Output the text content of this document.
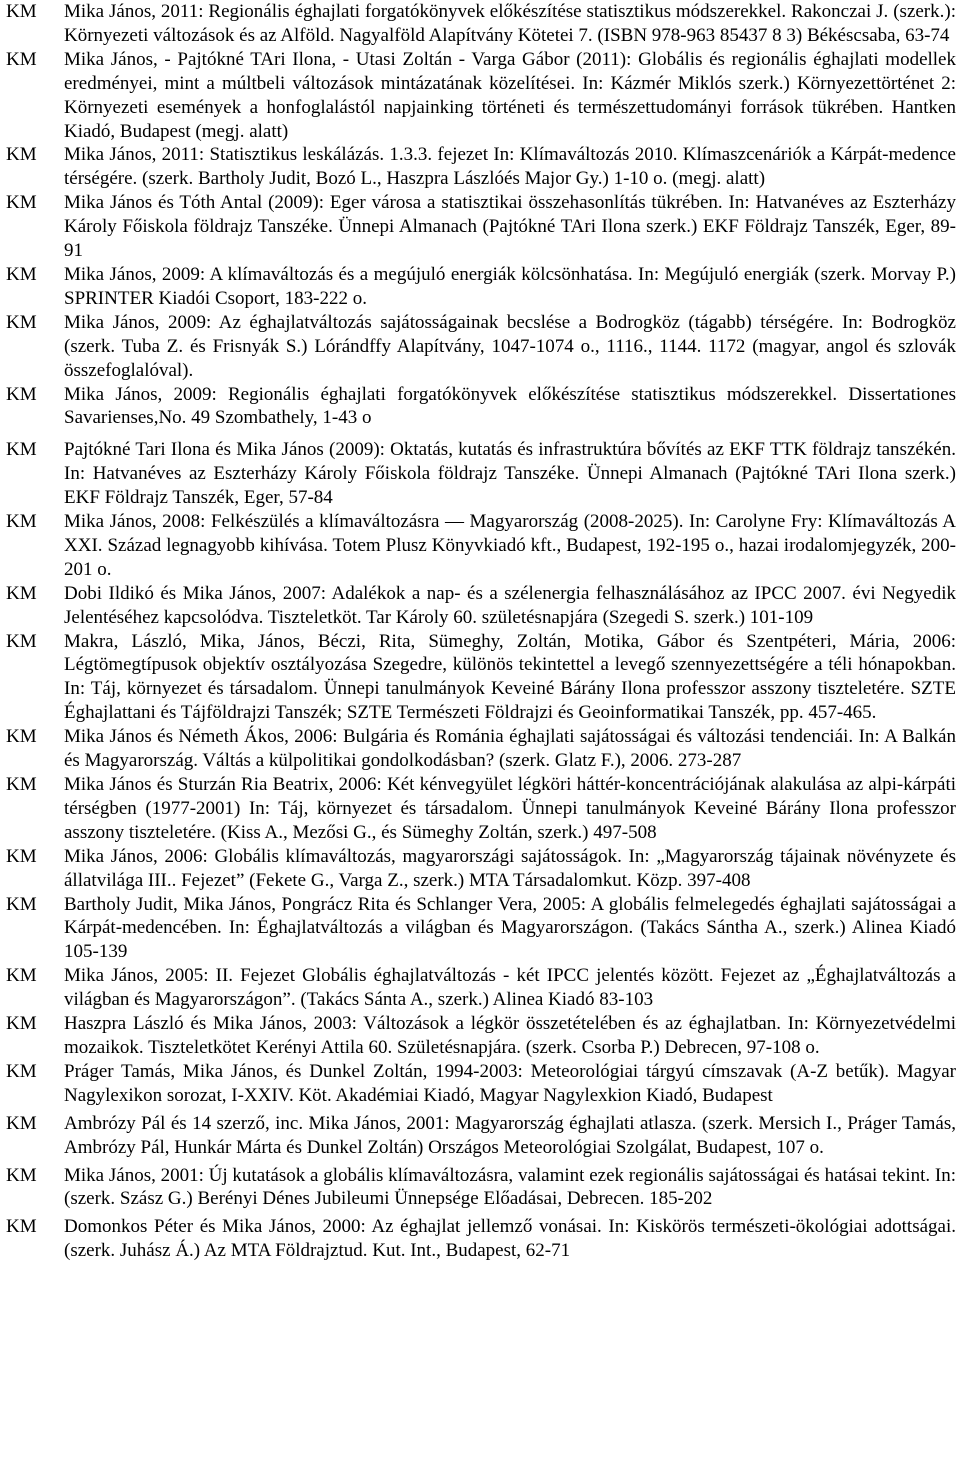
KM	Mika János, 2011: Regionális éghajlati forgatókönyvek előkészítése statisztikus módszerekkel. Rakonczai J. (szerk.): Környezeti változások és az Alföld. Nagyalföld Alapítvány Kötetei 7. (ISBN 978-963 85437 8 3) Békéscsaba, 63-74
KM	Mika János, - Pajtókné TAri Ilona, - Utasi Zoltán - Varga Gábor (2011): Globális és regionális éghajlati modellek eredményei, mint a múltbeli változások mintázatának közelítései. In: Kázmér Miklós szerk.) Környezettörténet 2: Környezeti események a honfoglalástól napjainking történeti és természettudományi források tükrében. Hantken Kiadó, Budapest (megj. alatt)
KM	Mika János, 2011: Statisztikus leskálázás. 1.3.3. fejezet In: Klímaváltozás 2010. Klímaszcenáriók a Kárpát-medence térségére. (szerk. Bartholy Judit, Bozó L., Haszpra Lászlóés Major Gy.) 1-10 o. (megj. alatt)
KM	Mika János és Tóth Antal (2009): Eger városa a statisztikai összehasonlítás tükrében. In: Hatvanéves az Eszterházy Károly Főiskola földrajz Tanszéke. Ünnepi Almanach (Pajtókné TAri Ilona szerk.) EKF Földrajz Tanszék, Eger, 89-91
KM	Mika János, 2009: A klímaváltozás és a megújuló energiák kölcsönhatása. In: Megújuló energiák (szerk. Morvay P.) SPRINTER Kiadói Csoport, 183-222 o.
KM	Mika János, 2009: Az éghajlatváltozás sajátosságainak becslése a Bodrogköz (tágabb) térségére. In: Bodrogköz (szerk. Tuba Z. és Frisnyák S.) Lórándffy Alapítvány, 1047-1074 o., 1116., 1144. 1172 (magyar, angol és szlovák összefoglalóval).
KM	Mika János, 2009: Regionális éghajlati forgatókönyvek előkészítése statisztikus módszerekkel. Dissertationes Savarienses,No. 49 Szombathely, 1-43 o
KM	Pajtókné Tari Ilona és Mika János (2009): Oktatás, kutatás és infrastruktúra bővítés az EKF TTK földrajz tanszékén. In: Hatvanéves az Eszterházy Károly Főiskola földrajz Tanszéke. Ünnepi Almanach (Pajtókné TAri Ilona szerk.) EKF Földrajz Tanszék, Eger, 57-84
KM	Mika János, 2008: Felkészülés a klímaváltozásra — Magyarország (2008-2025). In: Carolyne Fry: Klímaváltozás A XXI. Század legnagyobb kihívása. Totem Plusz Könyvkiadó kft., Budapest, 192-195 o., hazai irodalomjegyzék, 200-201 o.
KM	Dobi Ildikó és Mika János, 2007: Adalékok a nap- és a szélenergia felhasználásához az IPCC 2007. évi Negyedik Jelentéséhez kapcsolódva. Tiszteletköt. Tar Károly 60. születésnapjára (Szegedi S. szerk.) 101-109
KM	Makra, László, Mika, János, Béczi, Rita, Sümeghy, Zoltán, Motika, Gábor és Szentpéteri, Mária, 2006: Légtömegtípusok objektív osztályozása Szegedre, különös tekintettel a levegő szennyezettségére a téli hónapokban. In: Táj, környezet és társadalom. Ünnepi tanulmányok Keveiné Bárány Ilona professzor asszony tiszteletére. SZTE Éghajlattani és Tájföldrajzi Tanszék; SZTE Természeti Földrajzi és Geoinformatikai Tanszék, pp. 457-465.
KM	Mika János és Németh Ákos, 2006: Bulgária és Románia éghajlati sajátosságai és változási tendenciái. In: A Balkán és Magyarország. Váltás a külpolitikai gondolkodásban? (szerk. Glatz F.), 2006. 273-287
KM	Mika János és Sturzán Ria Beatrix, 2006: Két kénvegyület légköri háttér-koncentrációjának alakulása az alpi-kárpáti térségben (1977-2001) In: Táj, környezet és társadalom. Ünnepi tanulmányok Keveiné Bárány Ilona professzor asszony tiszteletére. (Kiss A., Mezősi G., és Sümeghy Zoltán, szerk.) 497-508
KM	Mika János, 2006: Globális klímaváltozás, magyarországi sajátosságok. In: „Magyarország tájainak növényzete és állatvilága III.. Fejezet” (Fekete G., Varga Z., szerk.) MTA Társadalomkut. Közp. 397-408
KM	Bartholy Judit, Mika János, Pongrácz Rita és Schlanger Vera, 2005: A globális felmelegedés éghajlati sajátosságai a Kárpát-medencében. In: Éghajlatváltozás a világban és Magyarországon. (Takács Sántha A., szerk.) Alinea Kiadó 105-139
KM	Mika János, 2005: II. Fejezet Globális éghajlatváltozás - két IPCC jelentés között. Fejezet az „Éghajlatváltozás a világban és Magyarországon”. (Takács Sánta A., szerk.) Alinea Kiadó 83-103
KM	Haszpra László és Mika János, 2003: Változások a légkör összetételében és az éghajlatban. In: Környezetvédelmi mozaikok. Tiszteletkötet Kerényi Attila 60. Születésnapjára. (szerk. Csorba P.) Debrecen, 97-108 o.
KM	Práger Tamás, Mika János, és Dunkel Zoltán, 1994-2003: Meteorológiai tárgyú címszavak (A-Z betűk). Magyar Nagylexikon sorozat, I-XXIV. Köt. Akadémiai Kiadó, Magyar Nagylexkion Kiadó, Budapest
KM	Ambrózy Pál és 14 szerző, inc. Mika János, 2001: Magyarország éghajlati atlasza. (szerk. Mersich I., Práger Tamás, Ambrózy Pál, Hunkár Márta és Dunkel Zoltán) Országos Meteorológiai Szolgálat, Budapest, 107 o.
KM	Mika János, 2001: Új kutatások a globális klímaváltozásra, valamint ezek regionális sajátosságai és hatásai tekint. In: (szerk. Szász G.) Berényi Dénes Jubileumi Ünnepsége Előadásai, Debrecen. 185-202
KM	Domonkos Péter és Mika János, 2000: Az éghajlat jellemző vonásai. In: Kiskörös természeti-ökológiai adottságai. (szerk. Juhász Á.) Az MTA Földrajztud. Kut. Int., Budapest, 62-71
